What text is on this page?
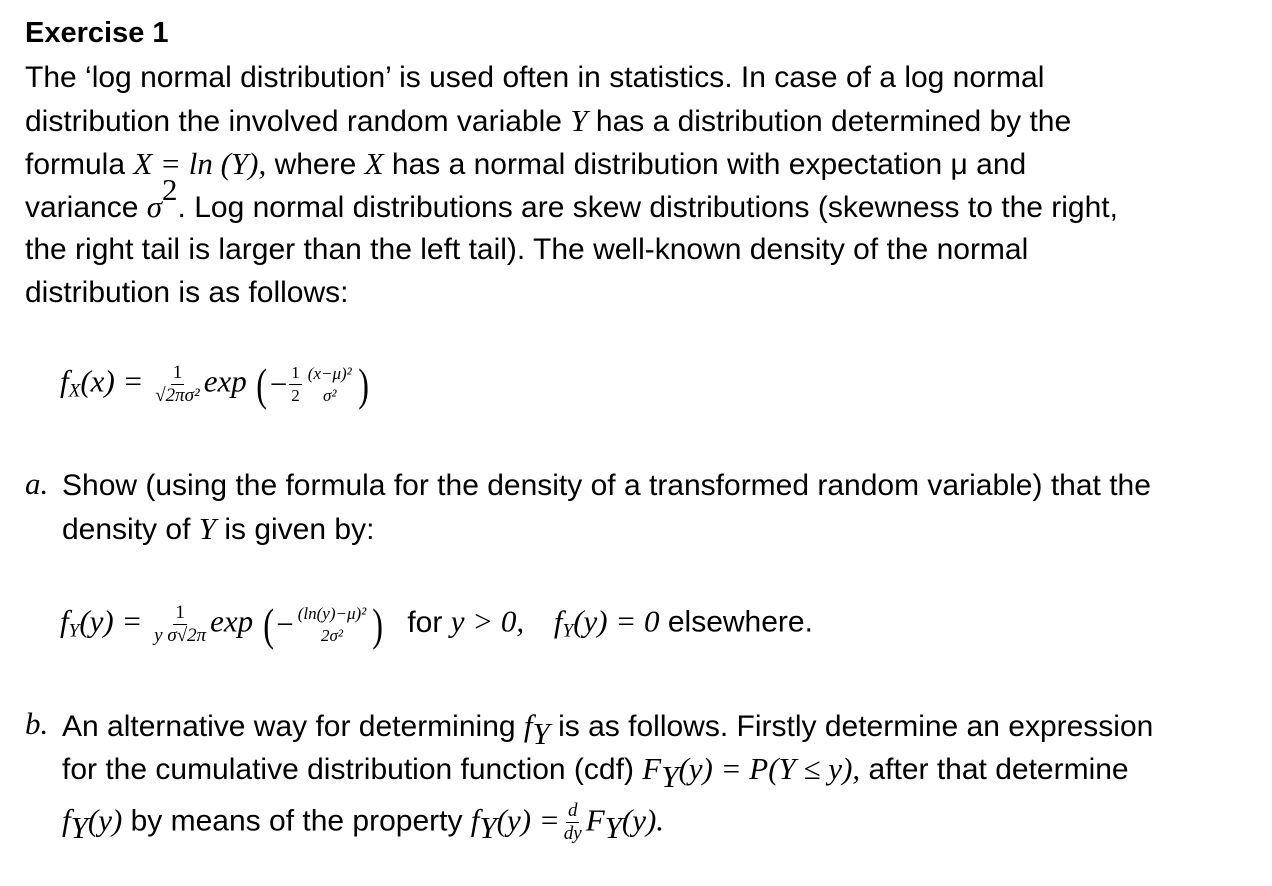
Exercise 1
The ‘log normal distribution’ is used often in statistics. In case of a log normal
distribution the involved random variable Y has a distribution determined by the
formula X = ln (Y), where X has a normal distribution with expectation μ and
variance $\sigma^2$. Log normal distributions are skew distributions (skewness to the right,
the right tail is larger than the left tail). The well-known density of the normal
distribution is as follows:
$f_X(x) = \frac{1}{\text{√2πσ²}}$ exp (− $\frac{1}{2} (x-\mu)^2$
σ² )
a. Show (using the formula for the density of a transformed random variable) that the
density of Y is given by:
$f_Y(y) = \frac{1}{\text{y σ√2π}}$ exp (− (ln(y)−μ)²
2σ² ) for y > 0, $f_Y(y) = 0$ elsewhere.
b. An alternative way for determining $f_Y$ is as follows. Firstly determine an expression
for the cumulative distribution function (cdf) $F_Y(y) = P(Y \le y)$, after that determine
$f_Y(y)$ by means of the property $f_Y(y) = \frac{d}{dy} F_Y(y)$.
